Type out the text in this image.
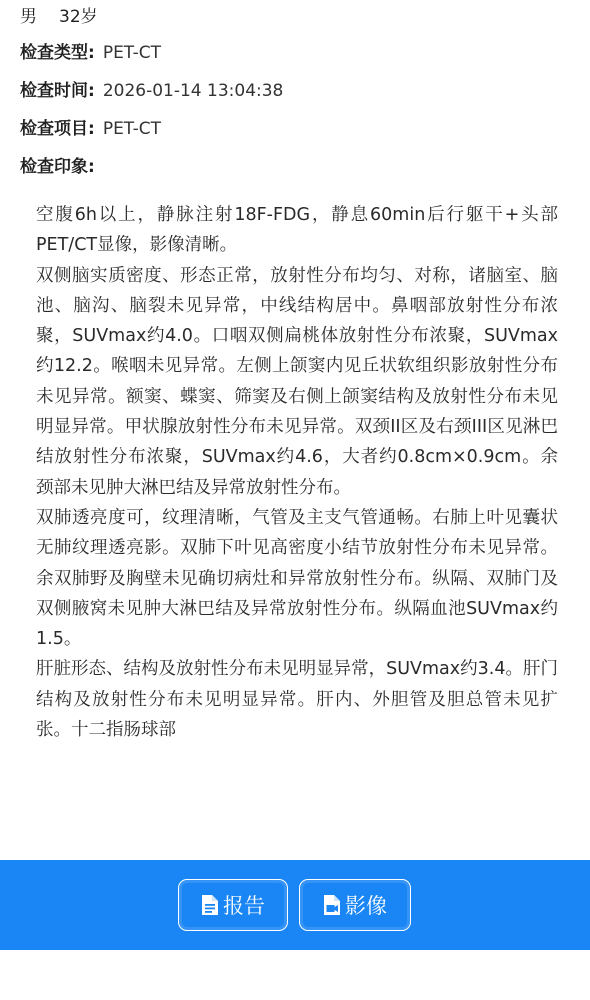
男 32岁
检查类型: PET-CT
检查时间: 2026-01-14 13:04:38
检查项目: PET-CT
检查印象:

空腹6h以上，静脉注射18F-FDG，静息60min后行躯干+头部PET/CT显像，影像清晰。

双侧脑实质密度、形态正常，放射性分布均匀、对称，诸脑室、脑池、脑沟、脑裂未见异常，中线结构居中。鼻咽部放射性分布浓聚，SUVmax约4.0。口咽双侧扁桃体放射性分布浓聚，SUVmax约12.2。喉咽未见异常。左侧上颌窦内见丘状软组织影放射性分布未见异常。额窦、蝶窦、筛窦及右侧上颌窦结构及放射性分布未见明显异常。甲状腺放射性分布未见异常。双颈II区及右颈III区见淋巴结放射性分布浓聚，SUVmax约4.6，大者约0.8cm×0.9cm。余颈部未见肿大淋巴结及异常放射性分布。

双肺透亮度可，纹理清晰，气管及主支气管通畅。右肺上叶见囊状无肺纹理透亮影。双肺下叶见高密度小结节放射性分布未见异常。余双肺野及胸壁未见确切病灶和异常放射性分布。纵隔、双肺门及双侧腋窝未见肿大淋巴结及异常放射性分布。纵隔血池SUVmax约1.5。

肝脏形态、结构及放射性分布未见明显异常，SUVmax约3.4。肝门结构及放射性分布未见明显异常。肝内、外胆管及胆总管未见扩张。十二指肠球部

报告	影像
